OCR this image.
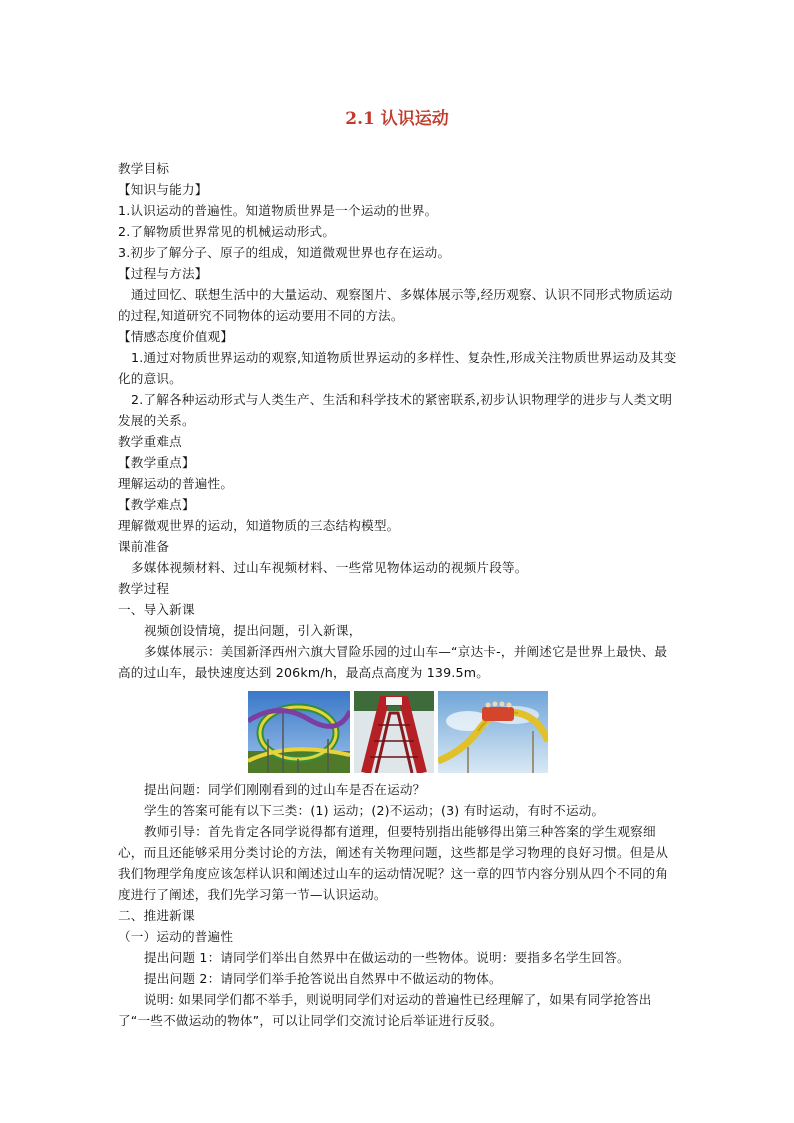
2.1 认识运动
教学目标
【知识与能力】
1.认识运动的普遍性。知道物质世界是一个运动的世界。
2.了解物质世界常见的机械运动形式。
3.初步了解分子、原子的组成，知道微观世界也存在运动。
【过程与方法】
通过回忆、联想生活中的大量运动、观察图片、多媒体展示等,经历观察、认识不同形式物质运动的过程,知道研究不同物体的运动要用不同的方法。
【情感态度价值观】
1.通过对物质世界运动的观察,知道物质世界运动的多样性、复杂性,形成关注物质世界运动及其变化的意识。
2.了解各种运动形式与人类生产、生活和科学技术的紧密联系,初步认识物理学的进步与人类文明发展的关系。
教学重难点
【教学重点】
理解运动的普遍性。
【教学难点】
理解微观世界的运动，知道物质的三态结构模型。
课前准备
多媒体视频材料、过山车视频材料、一些常见物体运动的视频片段等。
教学过程
一、导入新课
视频创设情境，提出问题，引入新课，
多媒体展示：美国新泽西州六旗大冒险乐园的过山车—“京达卡-，并阐述它是世界上最快、最高的过山车，最快速度达到 206km/h，最高点高度为 139.5m。
提出问题：同学们刚刚看到的过山车是否在运动？
学生的答案可能有以下三类：(1) 运动；(2)不运动；(3) 有时运动，有时不运动。
教师引导：首先肯定各同学说得都有道理，但要特别指出能够得出第三种答案的学生观察细心，而且还能够采用分类讨论的方法，阐述有关物理问题，这些都是学习物理的良好习惯。但是从我们物理学角度应该怎样认识和阐述过山车的运动情况呢？这一章的四节内容分别从四个不同的角度进行了阐述，我们先学习第一节—认识运动。
二、推进新课
（一）运动的普遍性
提出问题 1：请同学们举出自然界中在做运动的一些物体。说明：要指多名学生回答。
提出问题 2：请同学们举手抢答说出自然界中不做运动的物体。
说明: 如果同学们都不举手，则说明同学们对运动的普遍性已经理解了，如果有同学抢答出了“一些不做运动的物体”，可以让同学们交流讨论后举证进行反驳。
